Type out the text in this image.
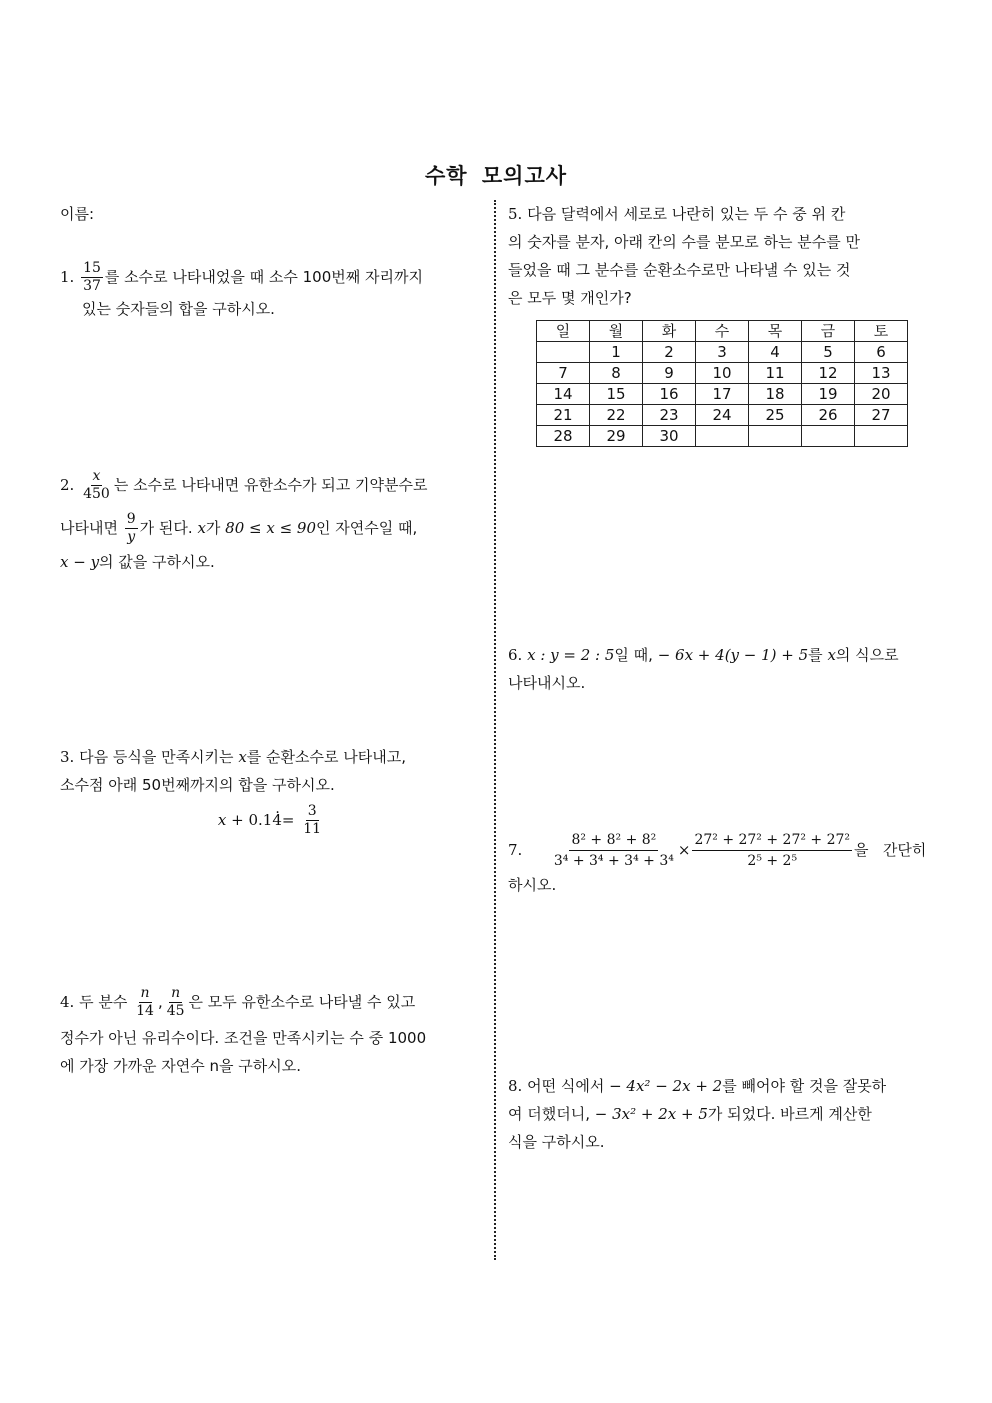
수학 모의고사
이름:
1. $\frac{15}{37}$ 를 소수로 나타내었을 때 소수 100번째 자리까지
있는 숫자들의 합을 구하시오.
2. $\frac{x}{450}$ 는 소수로 나타내면 유한소수가 되고 기약분수로
나타내면 $\frac{9}{y}$ 가 된다. x가 80 ≤ x ≤ 90인 자연수일 때,
x − y의 값을 구하시오.
3. 다음 등식을 만족시키는 x를 순환소수로 나타내고,
소수점 아래 50번째까지의 합을 구하시오.
$x + 0.1\cdot 4= \frac{3}{11}$
4. 두 분수 $\frac{n}{14}$ , $\frac{n}{45}$ 은 모두 유한소수로 나타낼 수 있고
정수가 아닌 유리수이다. 조건을 만족시키는 수 중 1000
에 가장 가까운 자연수 n을 구하시오.
5. 다음 달력에서 세로로 나란히 있는 두 수 중 위 칸
의 숫자를 분자, 아래 칸의 수를 분모로 하는 분수를 만
들었을 때 그 분수를 순환소수로만 나타낼 수 있는 것
은 모두 몇 개인가?
일	월	화	수	목	금	토
	1	2	3	4	5	6
7	8	9	10	11	12	13
14	15	16	17	18	19	20
21	22	23	24	25	26	27
28	29	30				
6. x : y = 2 : 5일 때, − 6x + 4(y − 1) + 5를 x의 식으로
나타내시오.
7. $\frac{\text{8² + 8² + 8²}}{\text{3⁴ + 3⁴ + 3⁴ + 3⁴}} \times \frac{\text{27² + 27² + 27² + 27²}}{\text{2⁵ + 2⁵}}$ 을   간단히
하시오.
8. 어떤 식에서 − 4x² − 2x + 2를 빼어야 할 것을 잘못하
여 더했더니, − 3x² + 2x + 5가 되었다. 바르게 계산한
식을 구하시오.
